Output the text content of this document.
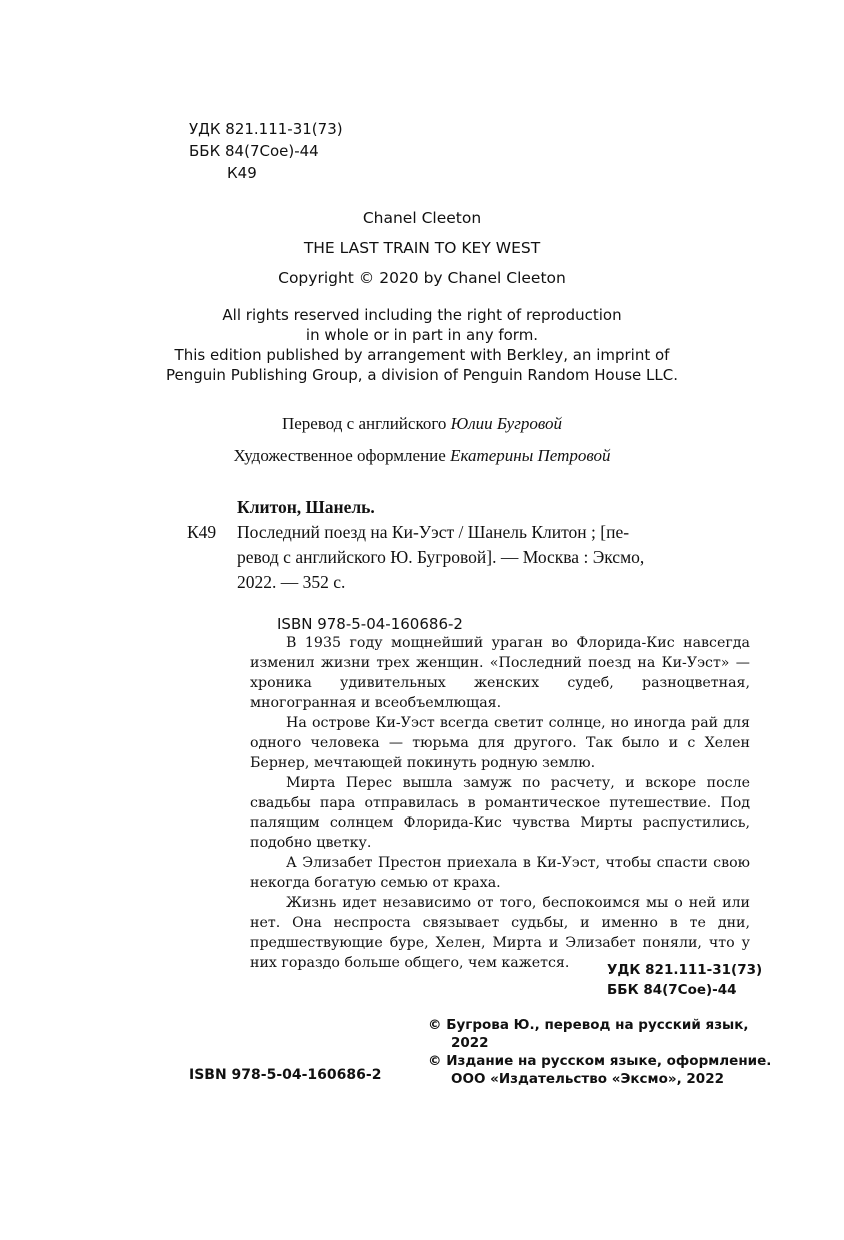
УДК 821.111-31(73)
ББК 84(7Сое)-44
К49
Chanel Cleeton
THE LAST TRAIN TO KEY WEST
Copyright © 2020 by Chanel Cleeton
All rights reserved including the right of reproduction
in whole or in part in any form.
This edition published by arrangement with Berkley, an imprint of
Penguin Publishing Group, a division of Penguin Random House LLC.
Перевод с английского Юлии Бугровой
Художественное оформление Екатерины Петровой
Клитон, Шанель.
К49	Последний поезд на Ки-Уэст / Шанель Клитон ; [пе-
ревод с английского Ю. Бугровой]. — Москва : Эксмо,
2022. — 352 с.
ISBN 978-5-04-160686-2

В 1935 году мощнейший ураган во Флорида-Кис навсегда изменил жизни трех женщин. «Последний поезд на Ки-Уэст» — хроника удивительных женских судеб, разноцветная, многогранная и всеобъемлющая.

На острове Ки-Уэст всегда светит солнце, но иногда рай для одного человека — тюрьма для другого. Так было и с Хелен Бернер, мечтающей покинуть родную землю.

Мирта Перес вышла замуж по расчету, и вскоре после свадьбы пара отправилась в романтическое путешествие. Под палящим солнцем Флорида-Кис чувства Мирты распустились, подобно цветку.

А Элизабет Престон приехала в Ки-Уэст, чтобы спасти свою некогда богатую семью от краха.

Жизнь идет независимо от того, беспокоимся мы о ней или нет. Она неспроста связывает судьбы, и именно в те дни, предшествующие буре, Хелен, Мирта и Элизабет поняли, что у них гораздо больше общего, чем кажется.	УДК 821.111-31(73)
ББК 84(7Сое)-44
© Бугрова Ю., перевод на русский язык,
2022
© Издание на русском языке, оформление.
ООО «Издательство «Эксмо», 2022
ISBN 978-5-04-160686-2
